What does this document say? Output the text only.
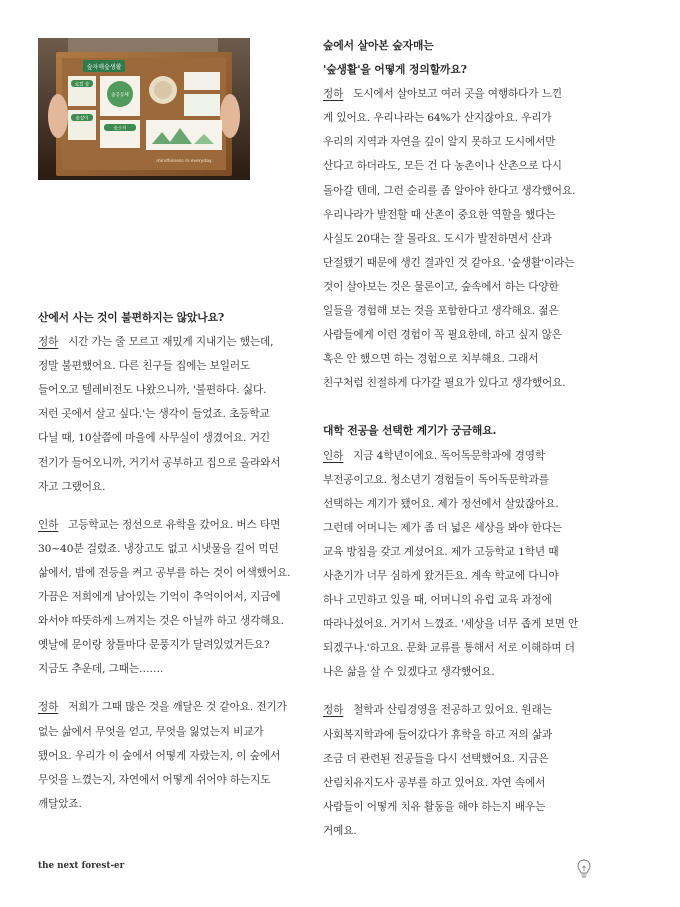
숲자매숲생활
로컬 숲
숲살이
숲공동체
숲소식
mindfulness in everyday

산에서 사는 것이 불편하지는 않았나요?

정하 시간 가는 줄 모르고 재밌게 지내기는 했는데,

정말 불편했어요. 다른 친구들 집에는 보일러도

들어오고 텔레비전도 나왔으니까, '불편하다. 싫다.

저런 곳에서 살고 싶다.'는 생각이 들었죠. 초등학교

다닐 때, 10살쯤에 마을에 사무실이 생겼어요. 거긴

전기가 들어오니까, 거기서 공부하고 집으로 올라와서

자고 그랬어요.

인하 고등학교는 정선으로 유학을 갔어요. 버스 타면

30~40분 걸렸죠. 냉장고도 없고 시냇물을 길어 먹던

삶에서, 밤에 전등을 켜고 공부를 하는 것이 어색했어요.

가끔은 저희에게 남아있는 기억이 추억이어서, 지금에

와서야 따뜻하게 느껴지는 것은 아닐까 하고 생각해요.

옛날에 문이랑 창틀마다 문풍지가 달려있었거든요?

지금도 추운데, 그때는…….

정하 저희가 그때 많은 것을 깨달은 것 같아요. 전기가

없는 삶에서 무엇을 얻고, 무엇을 잃었는지 비교가

됐어요. 우리가 이 숲에서 어떻게 자랐는지, 이 숲에서

무엇을 느꼈는지, 자연에서 어떻게 쉬어야 하는지도

깨달았죠.

숲에서 살아본 숲자매는

'숲생활'을 어떻게 정의할까요?

정하 도시에서 살아보고 여러 곳을 여행하다가 느낀

게 있어요. 우리나라는 64%가 산지잖아요. 우리가

우리의 지역과 자연을 깊이 알지 못하고 도시에서만

산다고 하더라도, 모든 건 다 농촌이나 산촌으로 다시

돌아갈 텐데, 그런 순리를 좀 알아야 한다고 생각했어요.

우리나라가 발전할 때 산촌이 중요한 역할을 했다는

사실도 20대는 잘 몰라요. 도시가 발전하면서 산과

단절됐기 때문에 생긴 결과인 것 같아요. '숲생활'이라는

것이 살아보는 것은 물론이고, 숲속에서 하는 다양한

일들을 경험해 보는 것을 포함한다고 생각해요. 젊은

사람들에게 이런 경험이 꼭 필요한데, 하고 싶지 않은

혹은 안 했으면 하는 경험으로 치부해요. 그래서

친구처럼 친절하게 다가갈 필요가 있다고 생각했어요.

대학 전공을 선택한 계기가 궁금해요.

인하 지금 4학년이에요. 독어독문학과에 경영학

부전공이고요. 청소년기 경험들이 독어독문학과를

선택하는 계기가 됐어요. 제가 정선에서 살았잖아요.

그런데 어머니는 제가 좀 더 넓은 세상을 봐야 한다는

교육 방침을 갖고 계셨어요. 제가 고등학교 1학년 때

사춘기가 너무 심하게 왔거든요. 계속 학교에 다니야

하나 고민하고 있을 때, 어머니의 유럽 교육 과정에

따라나섰어요. 거기서 느꼈죠. '세상을 너무 좁게 보면 안

되겠구나.'하고요. 문화 교류를 통해서 서로 이해하며 더

나은 삶을 살 수 있겠다고 생각했어요.

정하 철학과 산림경영을 전공하고 있어요. 원래는

사회복지학과에 들어갔다가 휴학을 하고 저의 삶과

조금 더 관련된 전공들을 다시 선택했어요. 지금은

산림치유지도사 공부를 하고 있어요. 자연 속에서

사람들이 어떻게 치유 활동을 해야 하는지 배우는

거예요.

the next forest-er
